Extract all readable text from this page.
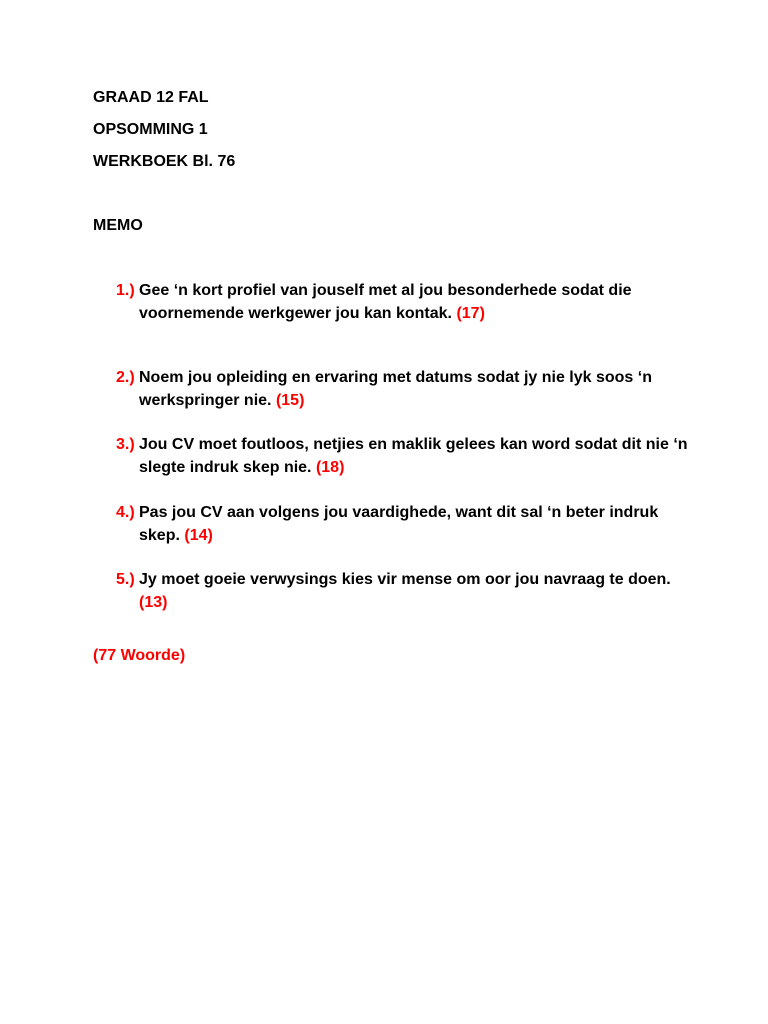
GRAAD 12 FAL
OPSOMMING 1
WERKBOEK Bl. 76
MEMO
1.) Gee ‘n kort profiel van jouself met al jou besonderhede sodat die voornemende werkgewer jou kan kontak. (17)
2.) Noem jou opleiding en ervaring met datums sodat jy nie lyk soos ‘n werkspringer nie. (15)
3.) Jou CV moet foutloos, netjies en maklik gelees kan word sodat dit nie ‘n slegte indruk skep nie. (18)
4.) Pas jou CV aan volgens jou vaardighede, want dit sal ‘n beter indruk skep. (14)
5.) Jy moet goeie verwysings kies vir mense om oor jou navraag te doen. (13)
(77 Woorde)
